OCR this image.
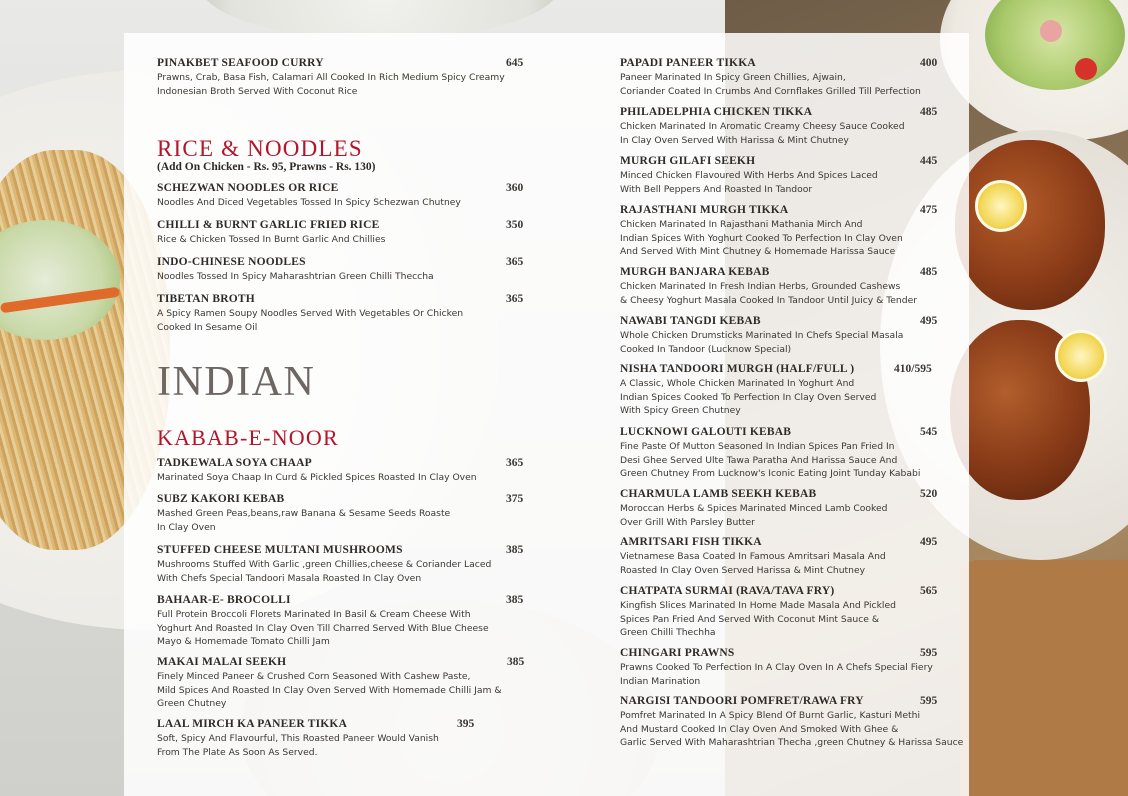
PINAKBET SEAFOOD CURRY	645
Prawns, Crab, Basa Fish, Calamari All Cooked In Rich Medium Spicy Creamy
Indonesian Broth Served With Coconut Rice
RICE & NOODLES
(Add On Chicken - Rs. 95, Prawns - Rs. 130)
SCHEZWAN NOODLES OR RICE	360
Noodles And Diced Vegetables Tossed In Spicy Schezwan Chutney
CHILLI & BURNT GARLIC FRIED RICE	350
Rice & Chicken Tossed In Burnt Garlic And Chillies
INDO-CHINESE NOODLES	365
Noodles Tossed In Spicy Maharashtrian Green Chilli Theccha
TIBETAN BROTH	365
A Spicy Ramen Soupy Noodles Served With Vegetables Or Chicken
Cooked In Sesame Oil
INDIAN
KABAB-E-NOOR
TADKEWALA SOYA CHAAP	365
Marinated Soya Chaap In Curd & Pickled Spices Roasted In Clay Oven
SUBZ KAKORI KEBAB	375
Mashed Green Peas,beans,raw Banana & Sesame Seeds Roaste
In Clay Oven
STUFFED CHEESE MULTANI MUSHROOMS	385
Mushrooms Stuffed With Garlic ,green Chillies,cheese & Coriander Laced
With Chefs Special Tandoori Masala Roasted In Clay Oven
BAHAAR-E- BROCOLLI	385
Full Protein Broccoli Florets Marinated In Basil & Cream Cheese With
Yoghurt And Roasted In Clay Oven Till Charred Served With Blue Cheese
Mayo & Homemade Tomato Chilli Jam
MAKAI MALAI SEEKH	385
Finely Minced Paneer & Crushed Corn Seasoned With Cashew Paste,
Mild Spices And Roasted In Clay Oven Served With Homemade Chilli Jam &
Green Chutney
LAAL MIRCH KA PANEER TIKKA	395
Soft, Spicy And Flavourful, This Roasted Paneer Would Vanish
From The Plate As Soon As Served.
PAPADI PANEER TIKKA	400
Paneer Marinated In Spicy Green Chillies, Ajwain,
Coriander Coated In Crumbs And Cornflakes Grilled Till Perfection
PHILADELPHIA CHICKEN TIKKA	485
Chicken Marinated In Aromatic Creamy Cheesy Sauce Cooked
In Clay Oven Served With Harissa & Mint Chutney
MURGH GILAFI SEEKH	445
Minced Chicken Flavoured With Herbs And Spices Laced
With Bell Peppers And Roasted In Tandoor
RAJASTHANI MURGH TIKKA	475
Chicken Marinated In Rajasthani Mathania Mirch And
Indian Spices With Yoghurt Cooked To Perfection In Clay Oven
And Served With Mint Chutney & Homemade Harissa Sauce
MURGH BANJARA KEBAB	485
Chicken Marinated In Fresh Indian Herbs, Grounded Cashews
& Cheesy Yoghurt Masala Cooked In Tandoor Until Juicy & Tender
NAWABI TANGDI KEBAB	495
Whole Chicken Drumsticks Marinated In Chefs Special Masala
Cooked In Tandoor (Lucknow Special)
NISHA TANDOORI MURGH (HALF/FULL )	410/595
A Classic, Whole Chicken Marinated In Yoghurt And
Indian Spices Cooked To Perfection In Clay Oven Served
With Spicy Green Chutney
LUCKNOWI GALOUTI KEBAB	545
Fine Paste Of Mutton Seasoned In Indian Spices Pan Fried In
Desi Ghee Served Ulte Tawa Paratha And Harissa Sauce And
Green Chutney From Lucknow's Iconic Eating Joint Tunday Kababi
CHARMULA LAMB SEEKH KEBAB	520
Moroccan Herbs & Spices Marinated Minced Lamb Cooked
Over Grill With Parsley Butter
AMRITSARI FISH TIKKA	495
Vietnamese Basa Coated In Famous Amritsari Masala And
Roasted In Clay Oven Served Harissa & Mint Chutney
CHATPATA SURMAI (RAVA/TAVA FRY)	565
Kingfish Slices Marinated In Home Made Masala And Pickled
Spices Pan Fried And Served With Coconut Mint Sauce &
Green Chilli Thechha
CHINGARI PRAWNS	595
Prawns Cooked To Perfection In A Clay Oven In A Chefs Special Fiery
Indian Marination
NARGISI TANDOORI POMFRET/RAWA FRY	595
Pomfret Marinated In A Spicy Blend Of Burnt Garlic, Kasturi Methi
And Mustard Cooked In Clay Oven And Smoked With Ghee &
Garlic Served With Maharashtrian Thecha ,green Chutney & Harissa Sauce
